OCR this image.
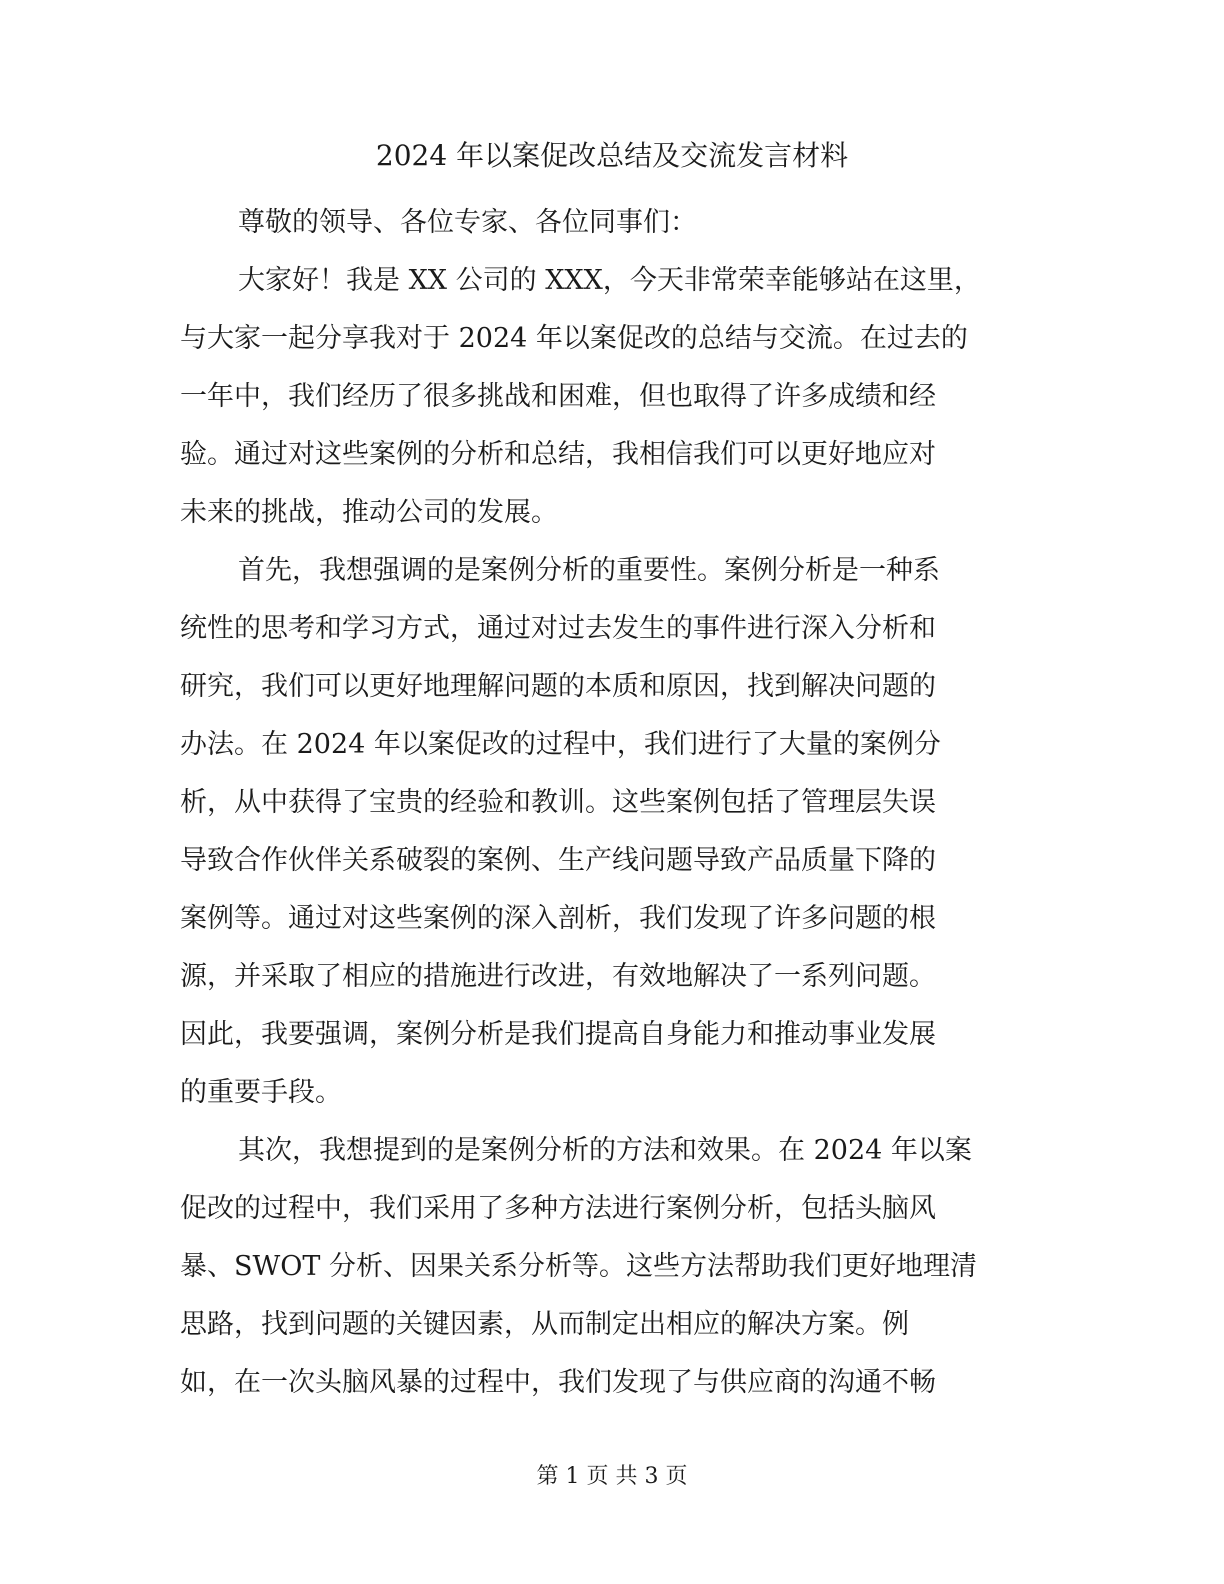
2024 年以案促改总结及交流发言材料
尊敬的领导、各位专家、各位同事们：
大家好！我是 XX 公司的 XXX，今天非常荣幸能够站在这里，
与大家一起分享我对于 2024 年以案促改的总结与交流。在过去的
一年中，我们经历了很多挑战和困难，但也取得了许多成绩和经
验。通过对这些案例的分析和总结，我相信我们可以更好地应对
未来的挑战，推动公司的发展。
首先，我想强调的是案例分析的重要性。案例分析是一种系
统性的思考和学习方式，通过对过去发生的事件进行深入分析和
研究，我们可以更好地理解问题的本质和原因，找到解决问题的
办法。在 2024 年以案促改的过程中，我们进行了大量的案例分
析，从中获得了宝贵的经验和教训。这些案例包括了管理层失误
导致合作伙伴关系破裂的案例、生产线问题导致产品质量下降的
案例等。通过对这些案例的深入剖析，我们发现了许多问题的根
源，并采取了相应的措施进行改进，有效地解决了一系列问题。
因此，我要强调，案例分析是我们提高自身能力和推动事业发展
的重要手段。
其次，我想提到的是案例分析的方法和效果。在 2024 年以案
促改的过程中，我们采用了多种方法进行案例分析，包括头脑风
暴、SWOT 分析、因果关系分析等。这些方法帮助我们更好地理清
思路，找到问题的关键因素，从而制定出相应的解决方案。例
如，在一次头脑风暴的过程中，我们发现了与供应商的沟通不畅
第 1 页 共 3 页
